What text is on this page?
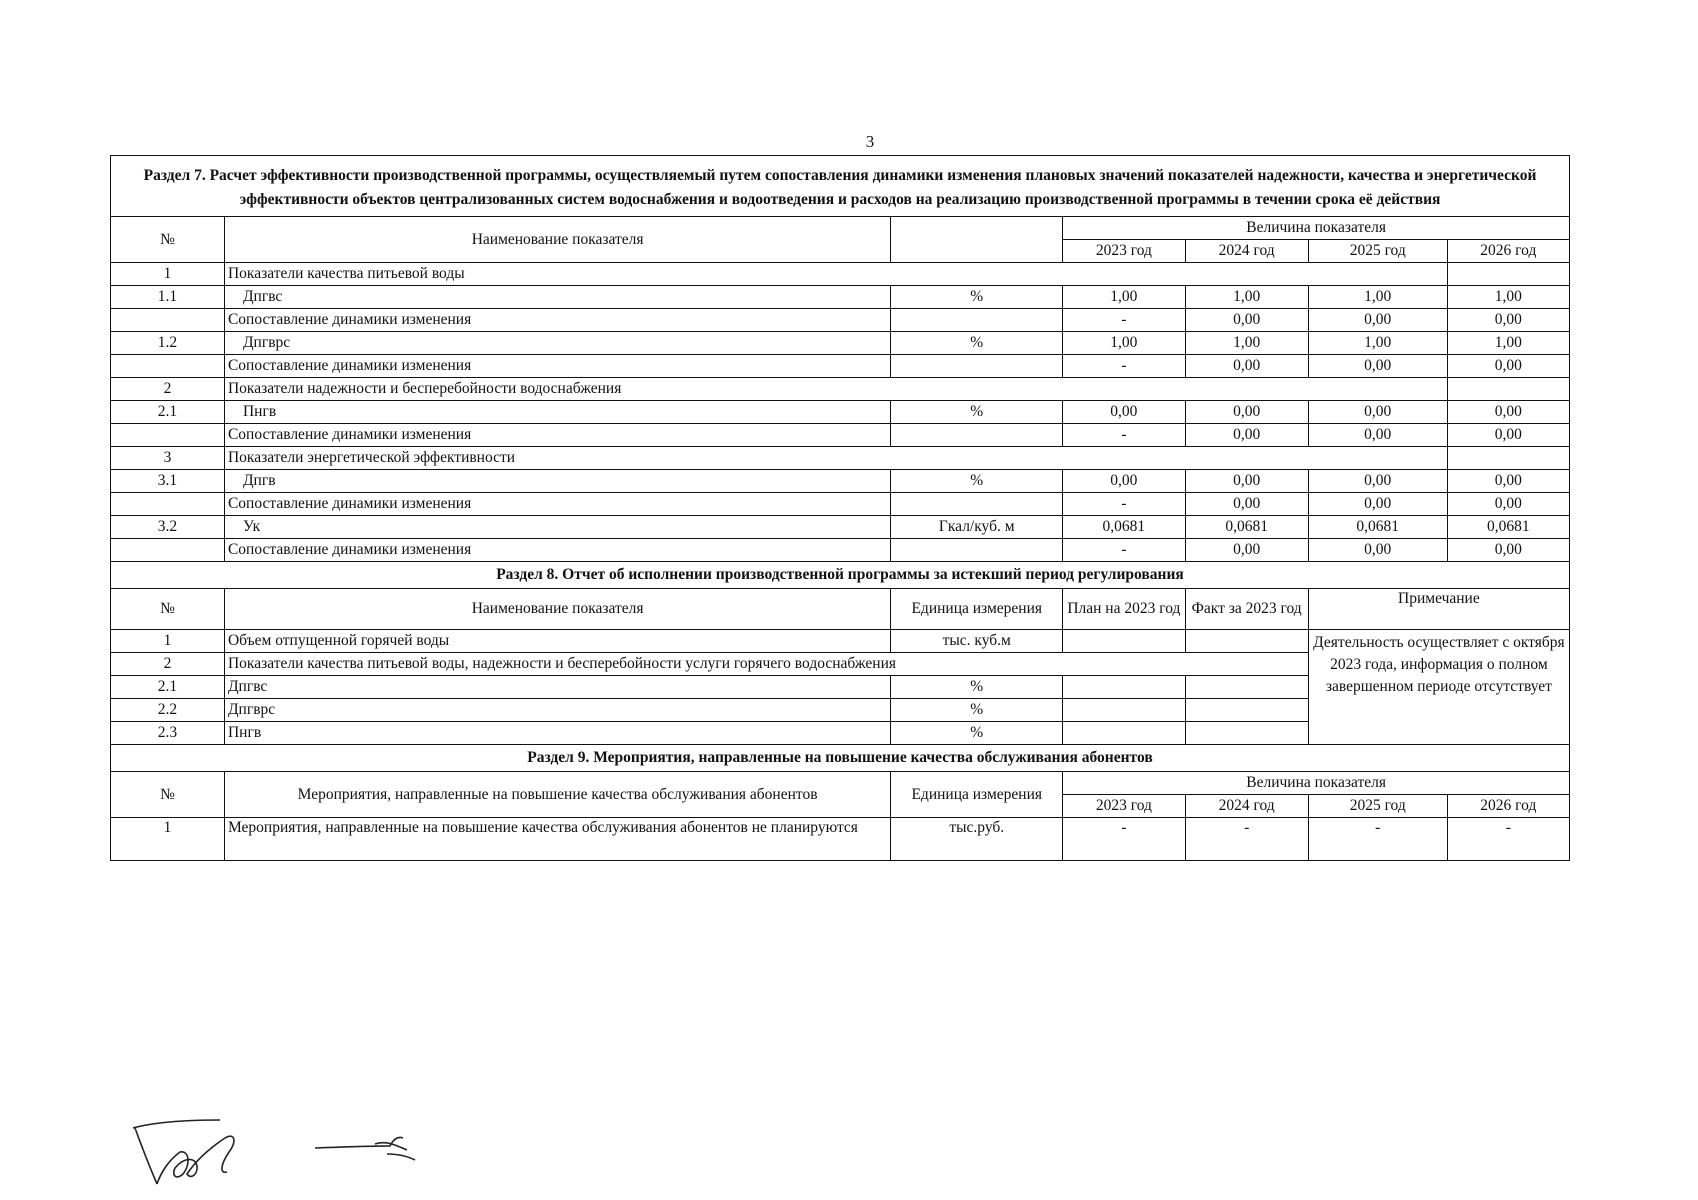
3
Раздел 7. Расчет эффективности производственной программы, осуществляемый путем сопоставления динамики изменения плановых значений показателей надежности, качества и энергетической эффективности объектов централизованных систем водоснабжения и водоотведения и расходов на реализацию производственной программы в течении срока её действия						
№	Наименование показателя		Величина показателя			
			2023 год	2024 год	2025 год	2026 год
1	Показатели качества питьевой воды					
1.1	Дпгвс	%	1,00	1,00	1,00	1,00
	Сопоставление динамики изменения		-	0,00	0,00	0,00
1.2	Дпгврс	%	1,00	1,00	1,00	1,00
	Сопоставление динамики изменения		-	0,00	0,00	0,00
2	Показатели надежности и бесперебойности водоснабжения					
2.1	Пнгв	%	0,00	0,00	0,00	0,00
	Сопоставление динамики изменения		-	0,00	0,00	0,00
3	Показатели энергетической эффективности					
3.1	Дпгв	%	0,00	0,00	0,00	0,00
	Сопоставление динамики изменения		-	0,00	0,00	0,00
3.2	Ук	Гкал/куб. м	0,0681	0,0681	0,0681	0,0681
	Сопоставление динамики изменения		-	0,00	0,00	0,00
Раздел 8. Отчет об исполнении производственной программы за истекший период регулирования						
№	Наименование показателя	Единица измерения	План на 2023 год	Факт за 2023 год	Примечание	
1	Объем отпущенной горячей воды	тыс. куб.м			Деятельность осуществляет с октября 2023 года, информация о полном завершенном периоде отсутствует	
2	Показатели качества питьевой воды, надежности и бесперебойности услуги горячего водоснабжения					
2.1	Дпгвс	%				
2.2	Дпгврс	%				
2.3	Пнгв	%				
Раздел 9. Мероприятия, направленные на повышение качества обслуживания абонентов						
№	Мероприятия, направленные на повышение качества обслуживания абонентов	Единица измерения	Величина показателя			
			2023 год	2024 год	2025 год	2026 год
1	Мероприятия, направленные на повышение качества обслуживания абонентов не планируются	тыс.руб.	-	-	-	-
